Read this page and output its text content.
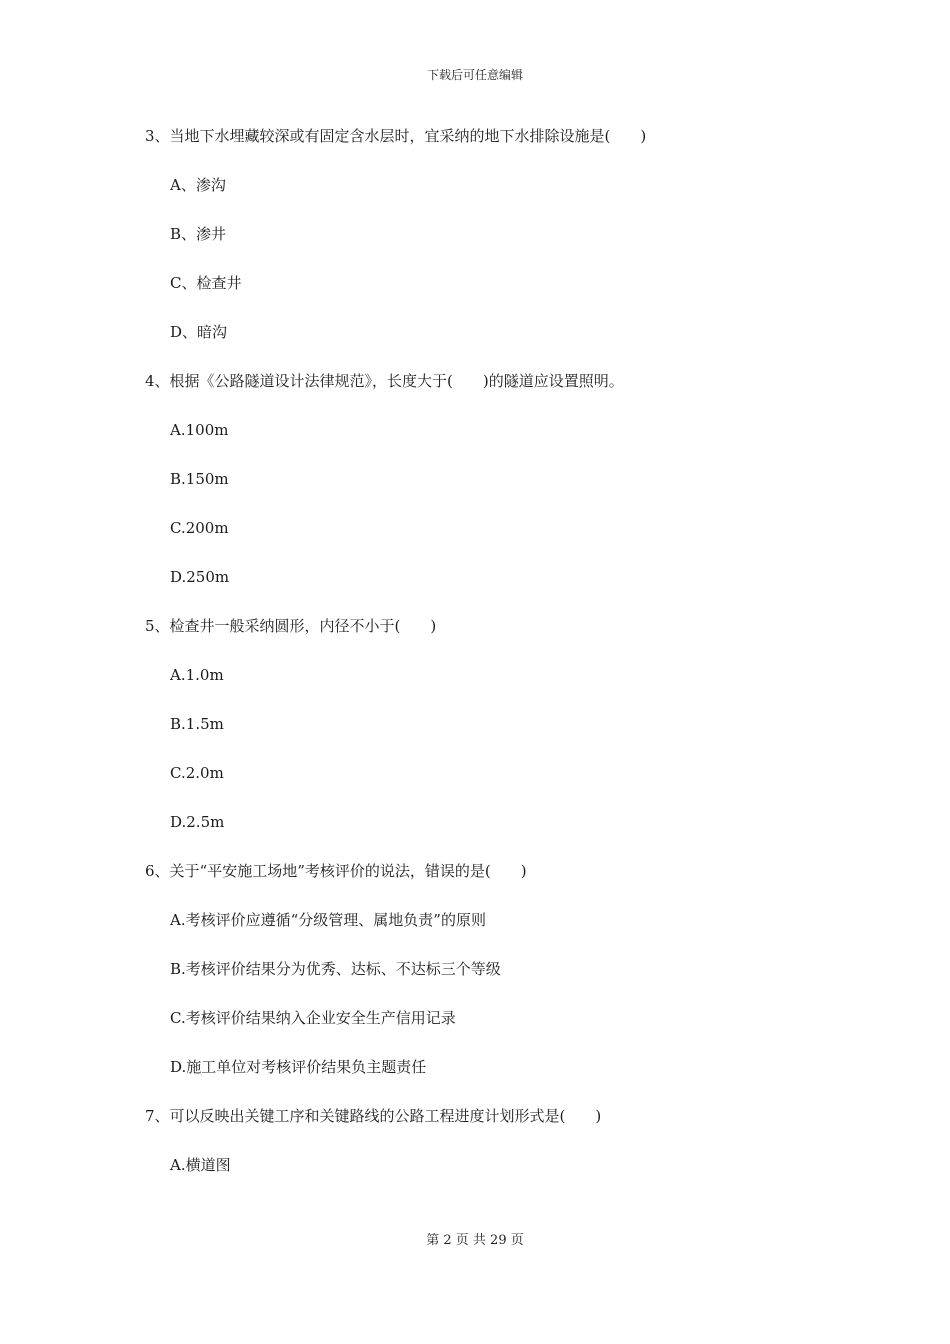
下载后可任意编辑

3、当地下水埋藏较深或有固定含水层时，宜采纳的地下水排除设施是(　　)

A、渗沟

B、渗井

C、检查井

D、暗沟

4、根据《公路隧道设计法律规范》，长度大于(　　)的隧道应设置照明。

A.100m

B.150m

C.200m

D.250m

5、检查井一般采纳圆形，内径不小于(　　)

A.1.0m

B.1.5m

C.2.0m

D.2.5m

6、关于“平安施工场地”考核评价的说法，错误的是(　　)

A.考核评价应遵循“分级管理、属地负责”的原则

B.考核评价结果分为优秀、达标、不达标三个等级

C.考核评价结果纳入企业安全生产信用记录

D.施工单位对考核评价结果负主题责任

7、可以反映出关键工序和关键路线的公路工程进度计划形式是(　　)

A.横道图

第 2 页 共 29 页
